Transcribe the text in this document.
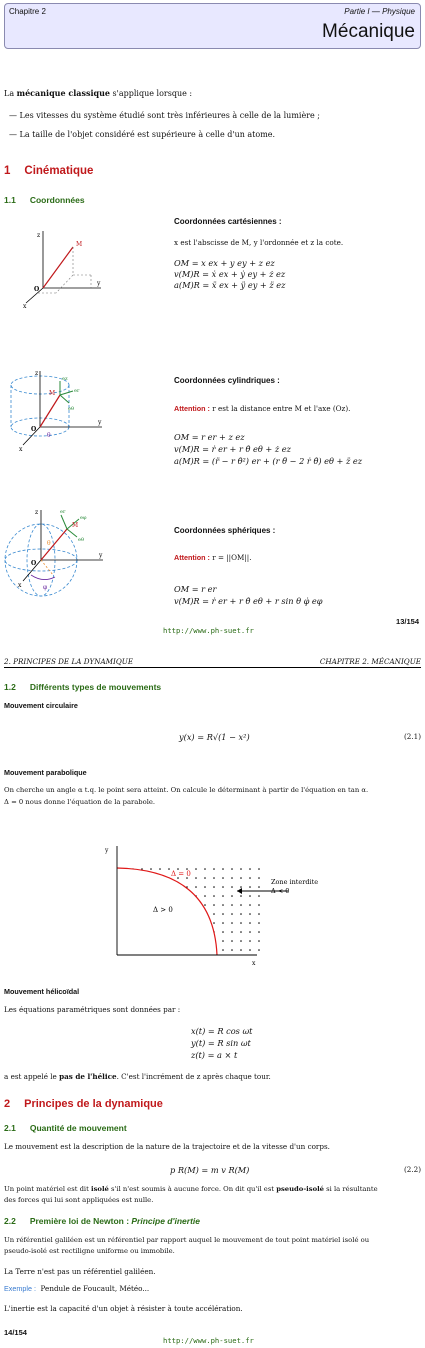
Chapitre 2	Partie I — Physique
Mécanique
La mécanique classique s'applique lorsque :
— Les vitesses du système étudié sont très inférieures à celle de la lumière ;
— La taille de l'objet considéré est supérieure à celle d'un atome.
1 Cinématique
1.1 Coordonnées
z
y
x
O
M
Coordonnées cartésiennes :
x est l'abscisse de M, y l'ordonnée et z la cote.
OM = x ex + y ey + z ez
v(M)R = ẋ ex + ẏ ey + ż ez
a(M)R = ẍ ex + ÿ ey + z̈ ez
z
y
x
O
M
θ
ez
er
eθ
Coordonnées cylindriques :
Attention : r est la distance entre M et l'axe (Oz).
OM = r er + z ez
v(M)R = ṙ er + r θ̇ eθ + ż ez
a(M)R = (r̈ − r θ̇²) er + (r θ̈ − 2 ṙ θ̇) eθ + z̈ ez
z
y
x
O
M
θ
φ
er
eφ
eθ
Coordonnées sphériques :
Attention : r = ||OM||.
OM = r er
v(M)R = ṙ er + r θ̇ eθ + r sin θ φ̇ eφ
http://www.ph-suet.fr
13/154
2. PRINCIPES DE LA DYNAMIQUE	CHAPITRE 2. MÉCANIQUE
1.2 Différents types de mouvements
Mouvement circulaire
y(x) = R√(1 − x²)	(2.1)
Mouvement parabolique
On cherche un angle α t.q. le point sera atteint. On calcule le déterminant à partir de l'équation en tan α.
Δ = 0 nous donne l'équation de la parabole.
y
x
Δ = 0
Δ > 0
Zone interdite
Δ < 0
Mouvement hélicoïdal
Les équations paramétriques sont données par :
x(t) = R cos ωt
y(t) = R sin ωt
z(t) = a × t
a est appelé le pas de l'hélice. C'est l'incrément de z après chaque tour.
2 Principes de la dynamique
2.1 Quantité de mouvement
Le mouvement est la description de la nature de la trajectoire et de la vitesse d'un corps.
p R(M) = m v R(M)	(2.2)
Un point matériel est dit isolé s'il n'est soumis à aucune force. On dit qu'il est pseudo-isolé si la résultante
des forces qui lui sont appliquées est nulle.
2.2 Première loi de Newton : Principe d'inertie
Un référentiel galiléen est un référentiel par rapport auquel le mouvement de tout point matériel isolé ou
pseudo-isolé est rectiligne uniforme ou immobile.
La Terre n'est pas un référentiel galiléen.
Exemple : Pendule de Foucault, Météo...
L'inertie est la capacité d'un objet à résister à toute accélération.
14/154
http://www.ph-suet.fr
